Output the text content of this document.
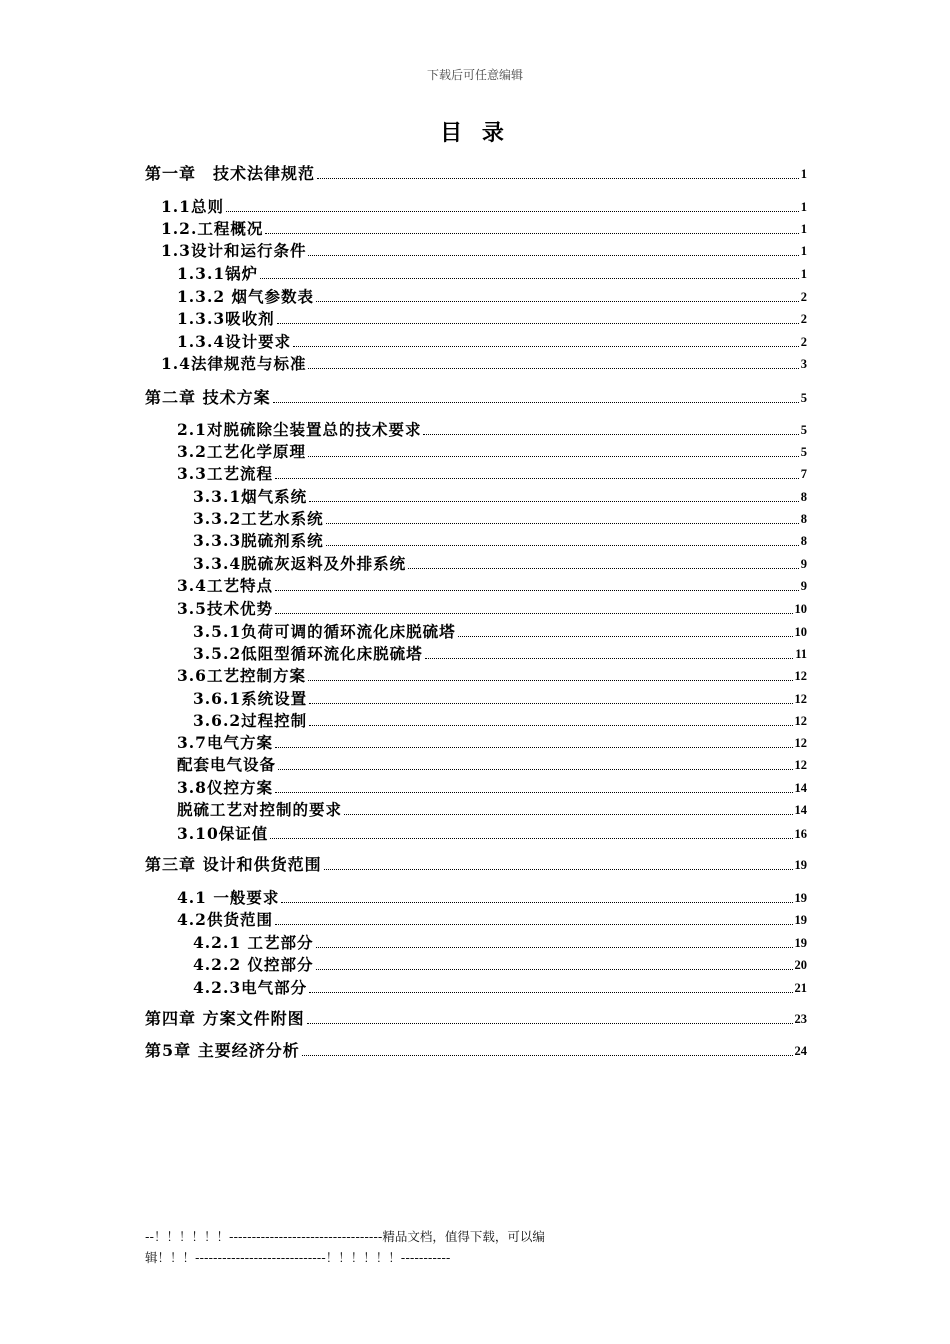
下载后可任意编辑
目 录
第一章　技术法律规范	1
1.1总则	1
1.2.工程概况	1
1.3设计和运行条件	1
1.3.1锅炉	1
1.3.2 烟气参数表	2
1.3.3吸收剂	2
1.3.4设计要求	2
1.4法律规范与标准	3
第二章 技术方案	5
2.1对脱硫除尘装置总的技术要求	5
3.2工艺化学原理	5
3.3工艺流程	7
3.3.1烟气系统	8
3.3.2工艺水系统	8
3.3.3脱硫剂系统	8
3.3.4脱硫灰返料及外排系统	9
3.4工艺特点	9
3.5技术优势	10
3.5.1负荷可调的循环流化床脱硫塔	10
3.5.2低阻型循环流化床脱硫塔	11
3.6工艺控制方案	12
3.6.1系统设置	12
3.6.2过程控制	12
3.7电气方案	12
配套电气设备	12
3.8仪控方案	14
脱硫工艺对控制的要求	14
3.10保证值	16
第三章 设计和供货范围	19
4.1 一般要求	19
4.2供货范围	19
4.2.1 工艺部分	19
4.2.2 仪控部分	20
4.2.3电气部分	21
第四章 方案文件附图	23
第5章 主要经济分析	24
--！！！！！！----------------------------------精品文档，值得下载，可以编
辑！！！-----------------------------！！！！！！-----------
